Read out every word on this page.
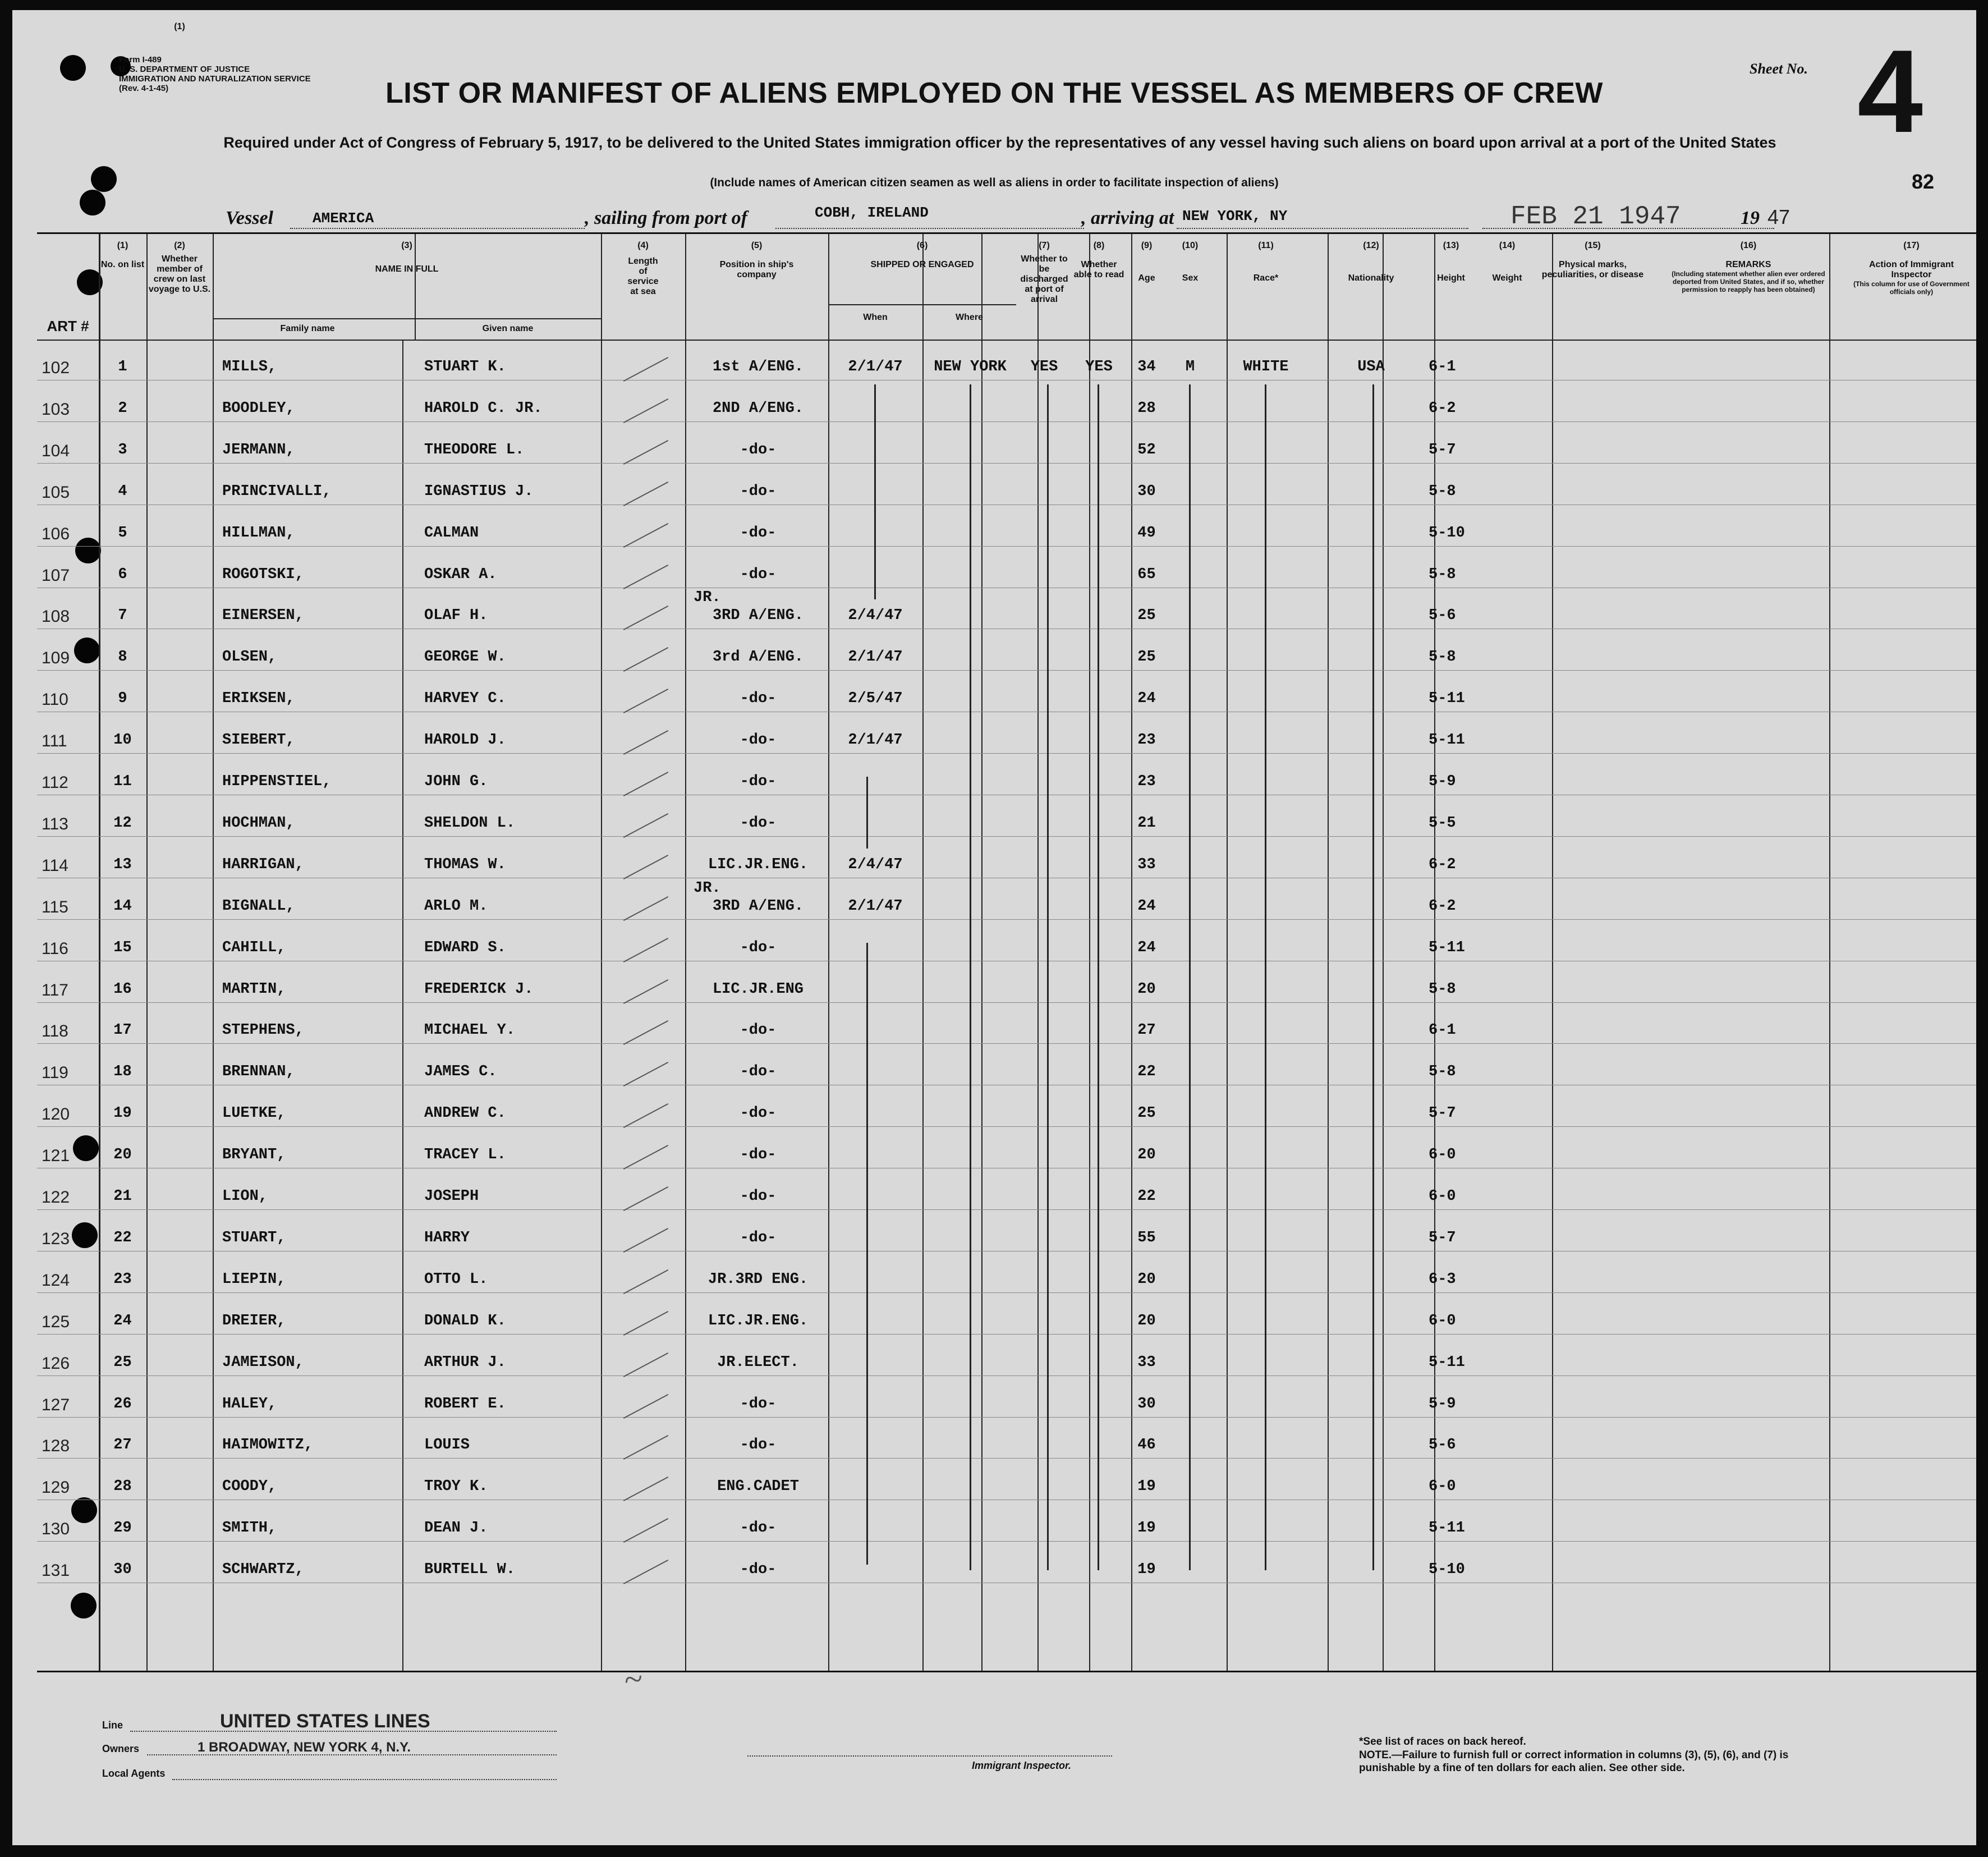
Form I-489
U. S. DEPARTMENT OF JUSTICE
IMMIGRATION AND NATURALIZATION SERVICE
(Rev. 4-1-45)
Sheet No. 4
82
LIST OR MANIFEST OF ALIENS EMPLOYED ON THE VESSEL AS MEMBERS OF CREW
Required under Act of Congress of February 5, 1917, to be delivered to the United States immigration officer by the representatives of any vessel having such aliens on board upon arrival at a port of the United States
(Include names of American citizen seamen as well as aliens in order to facilitate inspection of aliens)
Vessel	AMERICA	, sailing from port of	COBH, IRELAND	, arriving at NEW YORK, NY	FEB 21 1947	19 47
ART #
(1)
(1)
No. on list
(2)
Whether member of crew on last voyage to U.S.
(3)
NAME IN FULL
Family name	Given name
(4)
Length of service at sea
(5)
Position in ship's company
(6)
SHIPPED OR ENGAGED
When	Where
(7)
Whether to be discharged at port of arrival
(8)
Whether able to read
(9)
Age
(10)
Sex
(11)
Race*
(12)
Nationality
(13)
Height
(14)
Weight
(15)
Physical marks, peculiarities, or disease
(16)
REMARKS
(Including statement whether alien ever ordered deported from United States, and if so, whether permission to reapply has been obtained)
(17)
Action of Immigrant Inspector
(This column for use of Government officials only)
102	1	MILLS,	STUART K.	1st A/ENG.	2/1/47	NEW YORK	YES	YES	34	M	WHITE	USA	6-1
103	2	BOODLEY,	HAROLD C. JR.	2ND A/ENG.	28	6-2
104	3	JERMANN,	THEODORE L.	-do-	52	5-7
105	4	PRINCIVALLI,	IGNASTIUS J.	-do-	30	5-8
106	5	HILLMAN,	CALMAN	-do-	49	5-10
107	6	ROGOTSKI,	OSKAR A.	-do-	65	5-8
108	7	EINERSEN,	OLAF H.	3RD A/ENG.	2/4/47	25	5-6
JR.
109	8	OLSEN,	GEORGE W.	3rd A/ENG.	2/1/47	25	5-8
110	9	ERIKSEN,	HARVEY C.	-do-	2/5/47	24	5-11
111	10	SIEBERT,	HAROLD J.	-do-	2/1/47	23	5-11
112	11	HIPPENSTIEL,	JOHN G.	-do-	23	5-9
113	12	HOCHMAN,	SHELDON L.	-do-	21	5-5
114	13	HARRIGAN,	THOMAS W.	LIC.JR.ENG.	2/4/47	33	6-2
115	14	BIGNALL,	ARLO M.	3RD A/ENG.	2/1/47	24	6-2
JR.
116	15	CAHILL,	EDWARD S.	-do-	24	5-11
117	16	MARTIN,	FREDERICK J.	LIC.JR.ENG	20	5-8
118	17	STEPHENS,	MICHAEL Y.	-do-	27	6-1
119	18	BRENNAN,	JAMES C.	-do-	22	5-8
120	19	LUETKE,	ANDREW C.	-do-	25	5-7
121	20	BRYANT,	TRACEY L.	-do-	20	6-0
122	21	LION,	JOSEPH	-do-	22	6-0
123	22	STUART,	HARRY	-do-	55	5-7
124	23	LIEPIN,	OTTO L.	JR.3RD ENG.	20	6-3
125	24	DREIER,	DONALD K.	LIC.JR.ENG.	20	6-0
126	25	JAMEISON,	ARTHUR J.	JR.ELECT.	33	5-11
127	26	HALEY,	ROBERT E.	-do-	30	5-9
128	27	HAIMOWITZ,	LOUIS	-do-	46	5-6
129	28	COODY,	TROY K.	ENG.CADET	19	6-0
130	29	SMITH,	DEAN J.	-do-	19	5-11
131	30	SCHWARTZ,	BURTELL W.	-do-	19	5-10
~
Line	UNITED STATES LINES
Owners	1 BROADWAY, NEW YORK 4, N.Y.
Local Agents
Immigrant Inspector.
*See list of races on back hereof.
NOTE.—Failure to furnish full or correct information in columns (3), (5), (6), and (7) is punishable by a fine of ten dollars for each alien. See other side.
